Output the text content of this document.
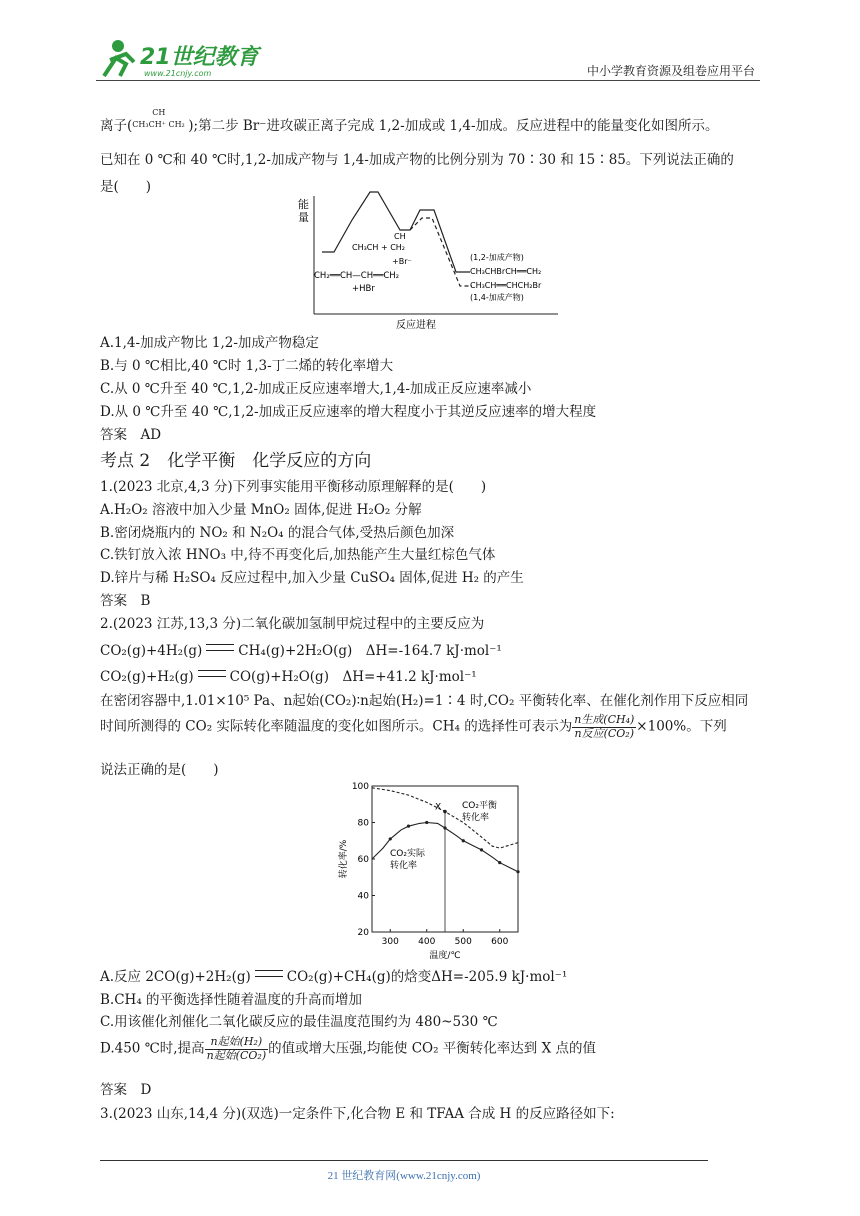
21世纪教育
www.21cnjy.com	中小学教育资源及组卷应用平台
离子(
CH
CH₃CH⁺ CH₂ );第二步 Br⁻进攻碳正离子完成 1,2-加成或 1,4-加成。反应进程中的能量变化如图所示。
已知在 0 ℃和 40 ℃时,1,2-加成产物与 1,4-加成产物的比例分别为 70∶30 和 15∶85。下列说法正确的
是(　　)
能
量
CH₃CH + CH₂
CH
+Br⁻
CH₂══CH—CH══CH₂
+HBr
(1,2-加成产物)
CH₃CHBrCH══CH₂
CH₃CH══CHCH₂Br
(1,4-加成产物)
反应进程
A.1,4-加成产物比 1,2-加成产物稳定
B.与 0 ℃相比,40 ℃时 1,3-丁二烯的转化率增大
C.从 0 ℃升至 40 ℃,1,2-加成正反应速率增大,1,4-加成正反应速率减小
D.从 0 ℃升至 40 ℃,1,2-加成正反应速率的增大程度小于其逆反应速率的增大程度
答案　AD
考点 2　化学平衡　化学反应的方向
1.(2023 北京,4,3 分)下列事实能用平衡移动原理解释的是(　　)
A.H₂O₂ 溶液中加入少量 MnO₂ 固体,促进 H₂O₂ 分解
B.密闭烧瓶内的 NO₂ 和 N₂O₄ 的混合气体,受热后颜色加深
C.铁钉放入浓 HNO₃ 中,待不再变化后,加热能产生大量红棕色气体
D.锌片与稀 H₂SO₄ 反应过程中,加入少量 CuSO₄ 固体,促进 H₂ 的产生
答案　B
2.(2023 江苏,13,3 分)二氧化碳加氢制甲烷过程中的主要反应为
CO₂(g)+4H₂(g)	CH₄(g)+2H₂O(g)　ΔH=-164.7 kJ·mol⁻¹
CO₂(g)+H₂(g)	CO(g)+H₂O(g)　ΔH=+41.2 kJ·mol⁻¹
在密闭容器中,1.01×10⁵ Pa、n起始(CO₂)∶n起始(H₂)=1∶4 时,CO₂ 平衡转化率、在催化剂作用下反应相同
时间所测得的 CO₂ 实际转化率随温度的变化如图所示。CH₄ 的选择性可表示为 $\frac{\text{n生成(CH₄)}}{\text{n反应(CO₂)}} \times 100\%$。下列
说法正确的是(　　)
20
40
60
80
100
300 400 500 600
X CO₂平衡
转化率
CO₂实际
转化率
温度/℃
转化率/%
A.反应 2CO(g)+2H₂(g)	CO₂(g)+CH₄(g)的焓变ΔH=-205.9 kJ·mol⁻¹
B.CH₄ 的平衡选择性随着温度的升高而增加
C.用该催化剂催化二氧化碳反应的最佳温度范围约为 480~530 ℃
D.450 ℃时,提高 $\frac{\text{n起始(H₂)}}{\text{n起始(CO₂)}}$ 的值或增大压强,均能使 CO₂ 平衡转化率达到 X 点的值
答案　D
3.(2023 山东,14,4 分)(双选)一定条件下,化合物 E 和 TFAA 合成 H 的反应路径如下:
21 世纪教育网(www.21cnjy.com)
